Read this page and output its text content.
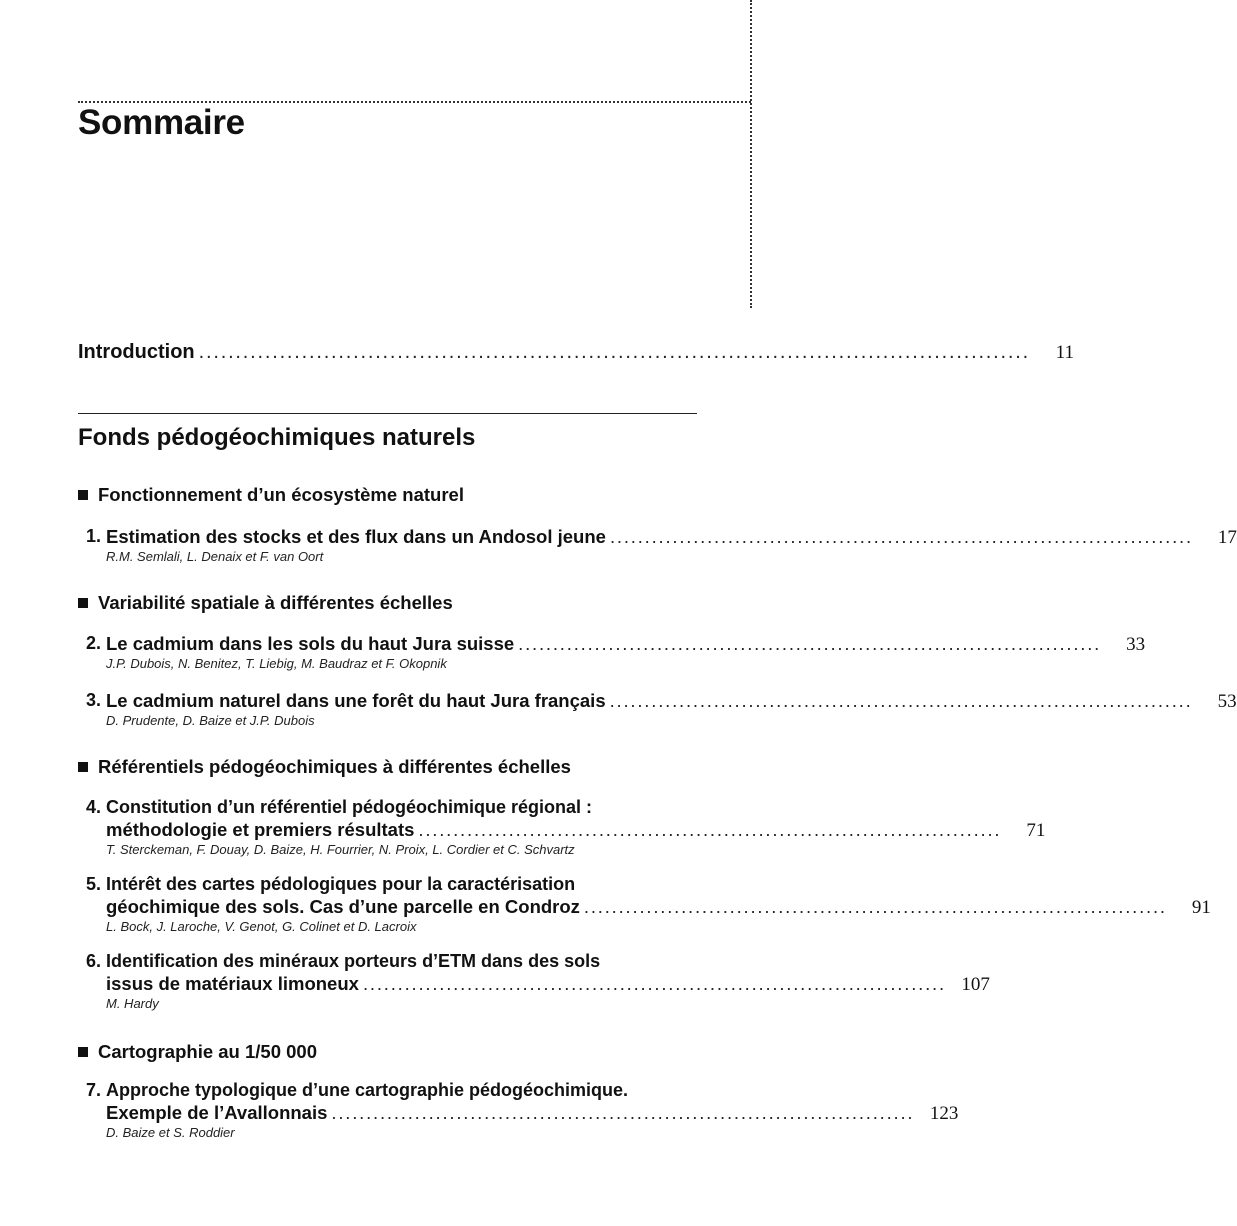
Sommaire
Introduction .................................................................................................................	11
Fonds pédogéochimiques naturels
Fonctionnement d’un écosystème naturel
1. Estimation des stocks et des flux dans un Andosol jeune ....................................................................................	17
R.M. Semlali, L. Denaix et F. van Oort
Variabilité spatiale à différentes échelles
2. Le cadmium dans les sols du haut Jura suisse ....................................................................................	33
J.P. Dubois, N. Benitez, T. Liebig, M. Baudraz et F. Okopnik
3. Le cadmium naturel dans une forêt du haut Jura français ....................................................................................	53
D. Prudente, D. Baize et J.P. Dubois
Référentiels pédogéochimiques à différentes échelles
4. Constitution d’un référentiel pédogéochimique régional :
méthodologie et premiers résultats ....................................................................................	71
T. Sterckeman, F. Douay, D. Baize, H. Fourrier, N. Proix, L. Cordier et C. Schvartz
5. Intérêt des cartes pédologiques pour la caractérisation
géochimique des sols. Cas d’une parcelle en Condroz ....................................................................................	91
L. Bock, J. Laroche, V. Genot, G. Colinet et D. Lacroix
6. Identification des minéraux porteurs d’ETM dans des sols
issus de matériaux limoneux .................................................................................... 107
M. Hardy
Cartographie au 1/50 000
7. Approche typologique d’une cartographie pédogéochimique.
Exemple de l’Avallonnais .................................................................................... 123
D. Baize et S. Roddier
